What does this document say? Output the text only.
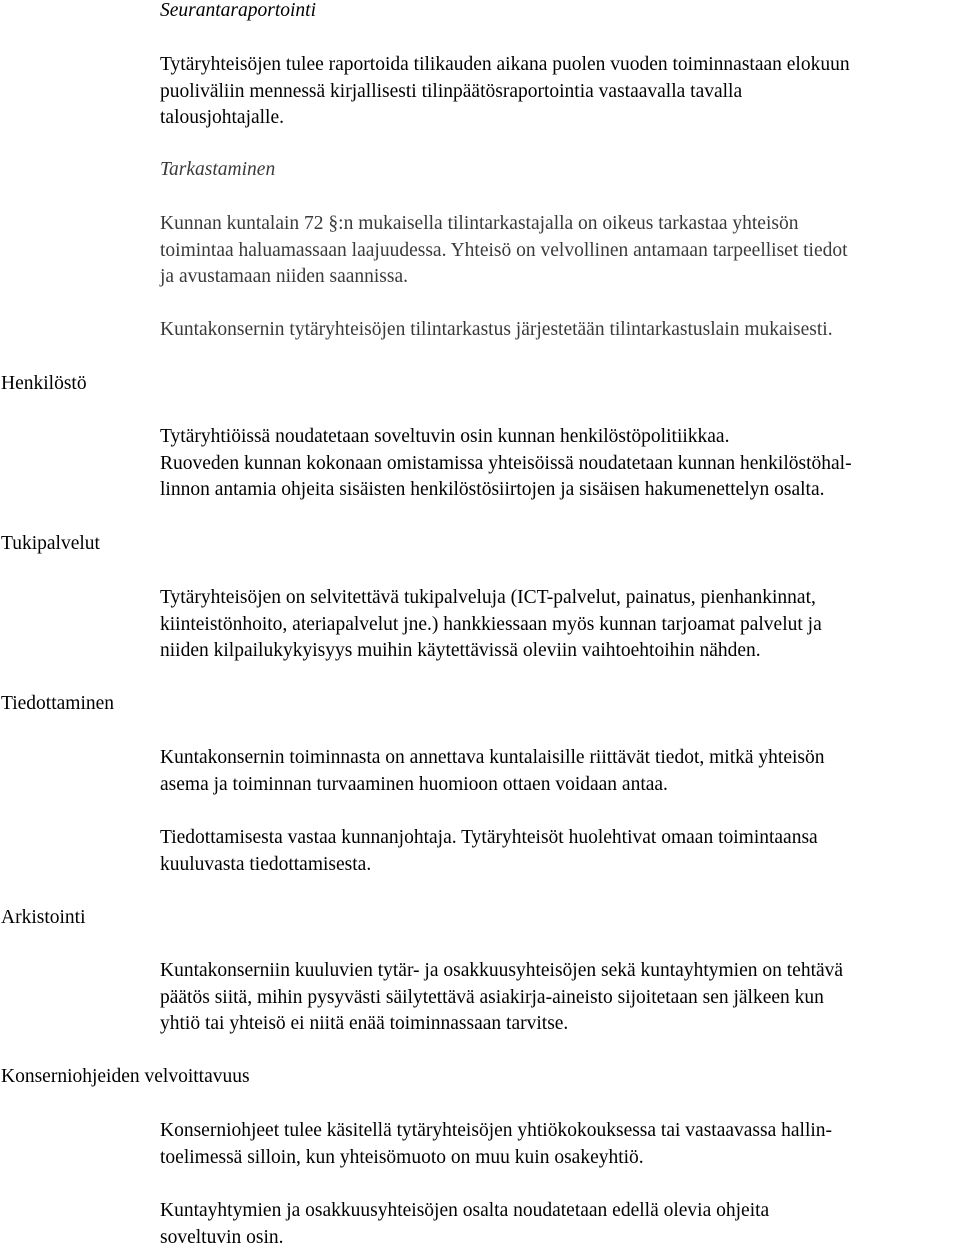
Seurantaraportointi

Tytäryhteisöjen tulee raportoida tilikauden aikana puolen vuoden toiminnastaan elokuun
puoliväliin mennessä kirjallisesti tilinpäätösraportointia vastaavalla tavalla
talousjohtajalle.

Tarkastaminen

Kunnan kuntalain 72 §:n mukaisella tilintarkastajalla on oikeus tarkastaa yhteisön
toimintaa haluamassaan laajuudessa. Yhteisö on velvollinen antamaan tarpeelliset tiedot
ja avustamaan niiden saannissa.

Kuntakonsernin tytäryhteisöjen tilintarkastus järjestetään tilintarkastuslain mukaisesti.

Henkilöstö

Tytäryhtiöissä noudatetaan soveltuvin osin kunnan henkilöstöpolitiikkaa.
Ruoveden kunnan kokonaan omistamissa yhteisöissä noudatetaan kunnan henkilöstöhal-
linnon antamia ohjeita sisäisten henkilöstösiirtojen ja sisäisen hakumenettelyn osalta.

Tukipalvelut

Tytäryhteisöjen on selvitettävä tukipalveluja (ICT-palvelut, painatus, pienhankinnat,
kiinteistönhoito, ateriapalvelut jne.) hankkiessaan myös kunnan tarjoamat palvelut ja
niiden kilpailukykyisyys muihin käytettävissä oleviin vaihtoehtoihin nähden.

Tiedottaminen

Kuntakonsernin toiminnasta on annettava kuntalaisille riittävät tiedot, mitkä yhteisön
asema ja toiminnan turvaaminen huomioon ottaen voidaan antaa.

Tiedottamisesta vastaa kunnanjohtaja. Tytäryhteisöt huolehtivat omaan toimintaansa
kuuluvasta tiedottamisesta.

Arkistointi

Kuntakonserniin kuuluvien tytär- ja osakkuusyhteisöjen sekä kuntayhtymien on tehtävä
päätös siitä, mihin pysyvästi säilytettävä asiakirja-aineisto sijoitetaan sen jälkeen kun
yhtiö tai yhteisö ei niitä enää toiminnassaan tarvitse.

Konserniohjeiden velvoittavuus

Konserniohjeet tulee käsitellä tytäryhteisöjen yhtiökokouksessa tai vastaavassa hallin-
toelimessä silloin, kun yhteisömuoto on muu kuin osakeyhtiö.

Kuntayhtymien ja osakkuusyhteisöjen osalta noudatetaan edellä olevia ohjeita
soveltuvin osin.
